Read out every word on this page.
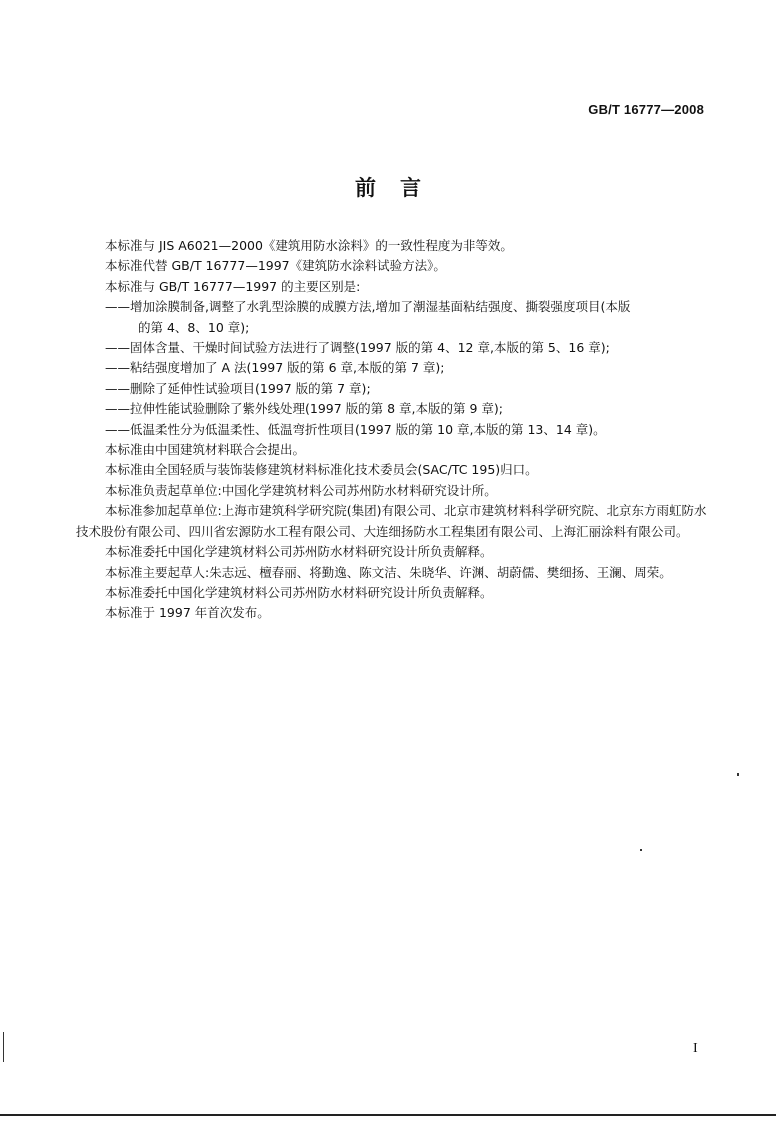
GB/T 16777—2008
前言

本标准与 JIS A6021—2000《建筑用防水涂料》的一致性程度为非等效。

本标准代替 GB/T 16777—1997《建筑防水涂料试验方法》。

本标准与 GB/T 16777—1997 的主要区别是:

——增加涂膜制备,调整了水乳型涂膜的成膜方法,增加了潮湿基面粘结强度、撕裂强度项目(本版

的第 4、8、10 章);

——固体含量、干燥时间试验方法进行了调整(1997 版的第 4、12 章,本版的第 5、16 章);

——粘结强度增加了 A 法(1997 版的第 6 章,本版的第 7 章);

——删除了延伸性试验项目(1997 版的第 7 章);

——拉伸性能试验删除了紫外线处理(1997 版的第 8 章,本版的第 9 章);

——低温柔性分为低温柔性、低温弯折性项目(1997 版的第 10 章,本版的第 13、14 章)。

本标准由中国建筑材料联合会提出。

本标准由全国轻质与装饰装修建筑材料标准化技术委员会(SAC/TC 195)归口。

本标准负责起草单位:中国化学建筑材料公司苏州防水材料研究设计所。

本标准参加起草单位:上海市建筑科学研究院(集团)有限公司、北京市建筑材料科学研究院、北京东方雨虹防水技术股份有限公司、四川省宏源防水工程有限公司、大连细扬防水工程集团有限公司、上海汇丽涂料有限公司。

本标准委托中国化学建筑材料公司苏州防水材料研究设计所负责解释。

本标准主要起草人:朱志远、檀春丽、将勤逸、陈文洁、朱晓华、许渊、胡蔚儒、樊细扬、王澜、周荣。

本标准委托中国化学建筑材料公司苏州防水材料研究设计所负责解释。

本标准于 1997 年首次发布。

I
